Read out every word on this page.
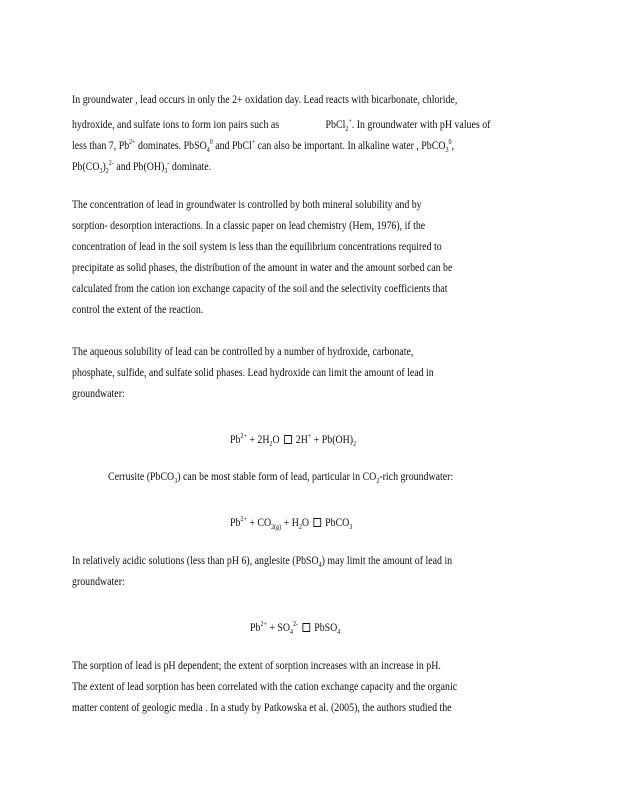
In groundwater , lead occurs in only the 2+ oxidation day. Lead reacts with bicarbonate, chloride,
hydroxide, and sulfate ions to form ion pairs such as	PbCl$_2$+. In groundwater with pH values of
less than 7, $Pb^{2+}$ dominates. PbSO$_4^0$ and PbCl+ can also be important. In alkaline water , PbCO$_3^0$,
$Pb(CO_3)_2^{2-}$ and $Pb(OH)_3^-$ dominate.
The concentration of lead in groundwater is controlled by both mineral solubility and by
sorption- desorption interactions. In a classic paper on lead chemistry (Hem, 1976), if the
concentration of lead in the soil system is less than the equilibrium concentrations required to
precipitate as solid phases, the distribution of the amount in water and the amount sorbed can be
calculated from the cation ion exchange capacity of the soil and the selectivity coefficients that
control the extent of the reaction.
The aqueous solubility of lead can be controlled by a number of hydroxide, carbonate,
phosphate, sulfide, and sulfate solid phases. Lead hydroxide can limit the amount of lead in
groundwater:
$Pb^{2+} + 2H_2O$ $2H^+ + Pb(OH)_2$
Cerrusite (PbCO$_3$) can be most stable form of lead, particular in $CO_2$-rich groundwater:
$Pb^{2+} + CO_{2(g)} + H_2O$ PbCO$_3$
In relatively acidic solutions (less than pH 6), anglesite (PbSO$_4$) may limit the amount of lead in
groundwater:
$Pb^{2+} + SO_4^{2-}$ PbSO$_4$
The sorption of lead is pH dependent; the extent of sorption increases with an increase in pH.
The extent of lead sorption has been correlated with the cation exchange capacity and the organic
matter content of geologic media . In a study by Patkowska et al. (2005), the authors studied the
